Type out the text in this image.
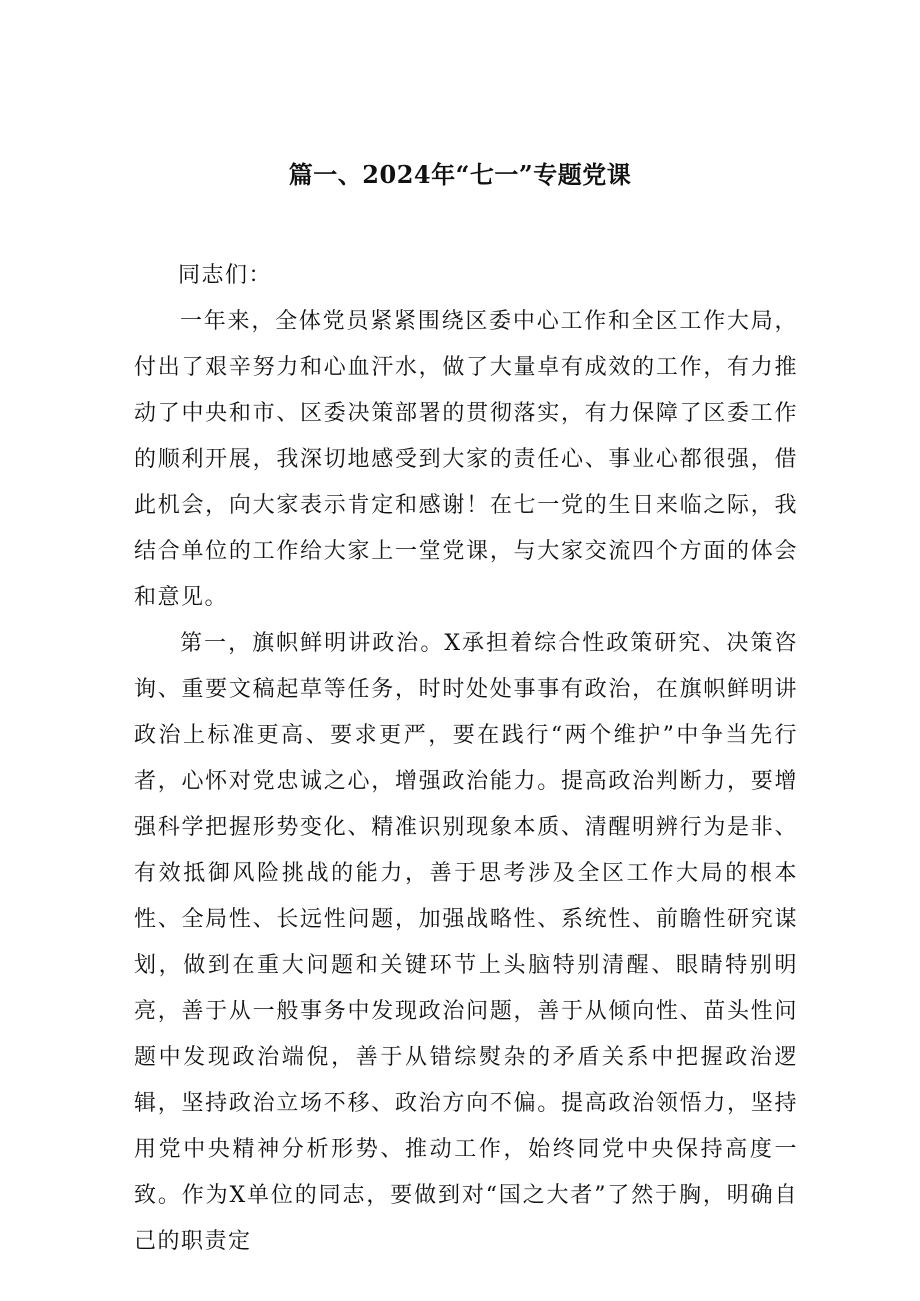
篇一、2024年“七一”专题党课

同志们：

一年来，全体党员紧紧围绕区委中心工作和全区工作大局，付出了艰辛努力和心血汗水，做了大量卓有成效的工作，有力推动了中央和市、区委决策部署的贯彻落实，有力保障了区委工作的顺利开展，我深切地感受到大家的责任心、事业心都很强，借此机会，向大家表示肯定和感谢！在七一党的生日来临之际，我结合单位的工作给大家上一堂党课，与大家交流四个方面的体会和意见。

第一，旗帜鲜明讲政治。X承担着综合性政策研究、决策咨询、重要文稿起草等任务，时时处处事事有政治，在旗帜鲜明讲政治上标准更高、要求更严，要在践行“两个维护”中争当先行者，心怀对党忠诚之心，增强政治能力。提高政治判断力，要增强科学把握形势变化、精准识别现象本质、清醒明辨行为是非、有效抵御风险挑战的能力，善于思考涉及全区工作大局的根本性、全局性、长远性问题，加强战略性、系统性、前瞻性研究谋划，做到在重大问题和关键环节上头脑特别清醒、眼睛特别明亮，善于从一般事务中发现政治问题，善于从倾向性、苗头性问题中发现政治端倪，善于从错综熨杂的矛盾关系中把握政治逻辑，坚持政治立场不移、政治方向不偏。提高政治领悟力，坚持用党中央精神分析形势、推动工作，始终同党中央保持高度一致。作为X单位的同志，要做到对“国之大者”了然于胸，明确自己的职责定
